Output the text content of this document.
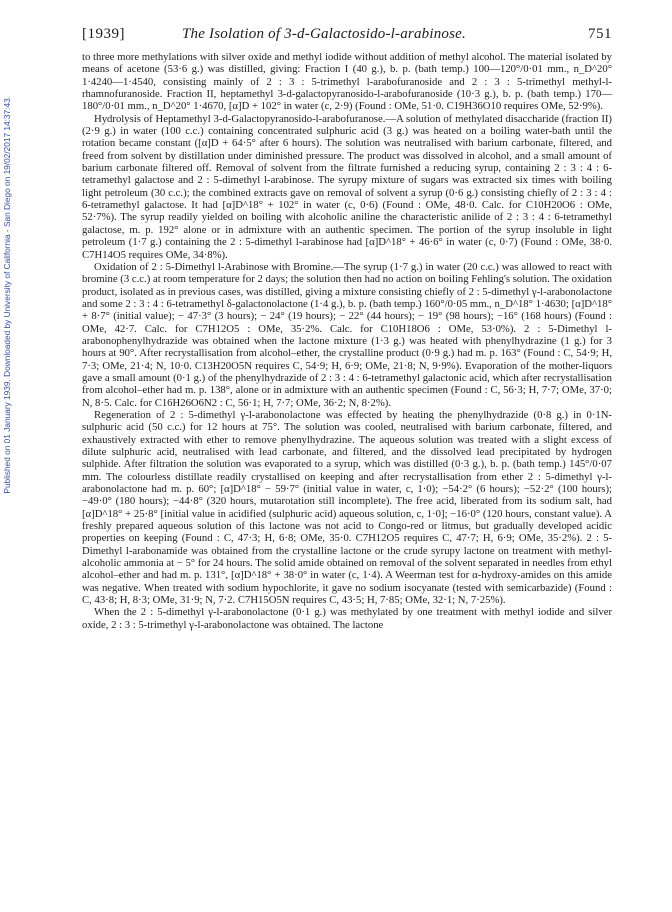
[1939]	The Isolation of 3-d-Galactosido-l-arabinose.	751
Published on 01 January 1939. Downloaded by University of California - San Diego on 19/02/2017 14:37:43.

to three more methylations with silver oxide and methyl iodide without addition of methyl alcohol. The material isolated by means of acetone (53·6 g.) was distilled, giving: Fraction I (40 g.), b. p. (bath temp.) 100—120°/0·01 mm., n_D^20° 1·4240—1·4540, consisting mainly of 2 : 3 : 5-trimethyl l-arabofuranoside and 2 : 3 : 5-trimethyl methyl-l-rhamnofuranoside. Fraction II, heptamethyl 3-d-galactopyranosido-l-arabofuranoside (10·3 g.), b. p. (bath temp.) 170—180°/0·01 mm., n_D^20° 1·4670, [α]D + 102° in water (c, 2·9) (Found : OMe, 51·0. C19H36O10 requires OMe, 52·9%).

Hydrolysis of Heptamethyl 3-d-Galactopyranosido-l-arabofuranose.—A solution of methylated disaccharide (fraction II) (2·9 g.) in water (100 c.c.) containing concentrated sulphuric acid (3 g.) was heated on a boiling water-bath until the rotation became constant ([α]D + 64·5° after 6 hours). The solution was neutralised with barium carbonate, filtered, and freed from solvent by distillation under diminished pressure. The product was dissolved in alcohol, and a small amount of barium carbonate filtered off. Removal of solvent from the filtrate furnished a reducing syrup, containing 2 : 3 : 4 : 6-tetramethyl galactose and 2 : 5-dimethyl l-arabinose. The syrupy mixture of sugars was extracted six times with boiling light petroleum (30 c.c.); the combined extracts gave on removal of solvent a syrup (0·6 g.) consisting chiefly of 2 : 3 : 4 : 6-tetramethyl galactose. It had [α]D^18° + 102° in water (c, 0·6) (Found : OMe, 48·0. Calc. for C10H20O6 : OMe, 52·7%). The syrup readily yielded on boiling with alcoholic aniline the characteristic anilide of 2 : 3 : 4 : 6-tetramethyl galactose, m. p. 192° alone or in admixture with an authentic specimen. The portion of the syrup insoluble in light petroleum (1·7 g.) containing the 2 : 5-dimethyl l-arabinose had [α]D^18° + 46·6° in water (c, 0·7) (Found : OMe, 38·0. C7H14O5 requires OMe, 34·8%).

Oxidation of 2 : 5-Dimethyl l-Arabinose with Bromine.—The syrup (1·7 g.) in water (20 c.c.) was allowed to react with bromine (3 c.c.) at room temperature for 2 days; the solution then had no action on boiling Fehling's solution. The oxidation product, isolated as in previous cases, was distilled, giving a mixture consisting chiefly of 2 : 5-dimethyl γ-l-arabonolactone and some 2 : 3 : 4 : 6-tetramethyl δ-galactonolactone (1·4 g.), b. p. (bath temp.) 160°/0·05 mm., n_D^18° 1·4630; [α]D^18° + 8·7° (initial value); − 47·3° (3 hours); − 24° (19 hours); − 22° (44 hours); − 19° (98 hours); −16° (168 hours) (Found : OMe, 42·7. Calc. for C7H12O5 : OMe, 35·2%. Calc. for C10H18O6 : OMe, 53·0%). 2 : 5-Dimethyl l-arabonophenylhydrazide was obtained when the lactone mixture (1·3 g.) was heated with phenylhydrazine (1 g.) for 3 hours at 90°. After recrystallisation from alcohol–ether, the crystalline product (0·9 g.) had m. p. 163° (Found : C, 54·9; H, 7·3; OMe, 21·4; N, 10·0. C13H20O5N requires C, 54·9; H, 6·9; OMe, 21·8; N, 9·9%). Evaporation of the mother-liquors gave a small amount (0·1 g.) of the phenylhydrazide of 2 : 3 : 4 : 6-tetramethyl galactonic acid, which after recrystallisation from alcohol–ether had m. p. 138°, alone or in admixture with an authentic specimen (Found : C, 56·3; H, 7·7; OMe, 37·0; N, 8·5. Calc. for C16H26O6N2 : C, 56·1; H, 7·7; OMe, 36·2; N, 8·2%).

Regeneration of 2 : 5-dimethyl γ-l-arabonolactone was effected by heating the phenylhydrazide (0·8 g.) in 0·1N-sulphuric acid (50 c.c.) for 12 hours at 75°. The solution was cooled, neutralised with barium carbonate, filtered, and exhaustively extracted with ether to remove phenylhydrazine. The aqueous solution was treated with a slight excess of dilute sulphuric acid, neutralised with lead carbonate, and filtered, and the dissolved lead precipitated by hydrogen sulphide. After filtration the solution was evaporated to a syrup, which was distilled (0·3 g.), b. p. (bath temp.) 145°/0·07 mm. The colourless distillate readily crystallised on keeping and after recrystallisation from ether 2 : 5-dimethyl γ-l-arabonolactone had m. p. 60°; [α]D^18° − 59·7° (initial value in water, c, 1·0); −54·2° (6 hours); −52·2° (100 hours); −49·0° (180 hours); −44·8° (320 hours, mutarotation still incomplete). The free acid, liberated from its sodium salt, had [α]D^18° + 25·8° [initial value in acidified (sulphuric acid) aqueous solution, c, 1·0]; −16·0° (120 hours, constant value). A freshly prepared aqueous solution of this lactone was not acid to Congo-red or litmus, but gradually developed acidic properties on keeping (Found : C, 47·3; H, 6·8; OMe, 35·0. C7H12O5 requires C, 47·7; H, 6·9; OMe, 35·2%). 2 : 5-Dimethyl l-arabonamide was obtained from the crystalline lactone or the crude syrupy lactone on treatment with methyl-alcoholic ammonia at − 5° for 24 hours. The solid amide obtained on removal of the solvent separated in needles from ethyl alcohol–ether and had m. p. 131°, [α]D^18° + 38·0° in water (c, 1·4). A Weerman test for α-hydroxy-amides on this amide was negative. When treated with sodium hypochlorite, it gave no sodium isocyanate (tested with semicarbazide) (Found : C, 43·8; H, 8·3; OMe, 31·9; N, 7·2. C7H15O5N requires C, 43·5; H, 7·85; OMe, 32·1; N, 7·25%).

When the 2 : 5-dimethyl γ-l-arabonolactone (0·1 g.) was methylated by one treatment with methyl iodide and silver oxide, 2 : 3 : 5-trimethyl γ-l-arabonolactone was obtained. The lactone
